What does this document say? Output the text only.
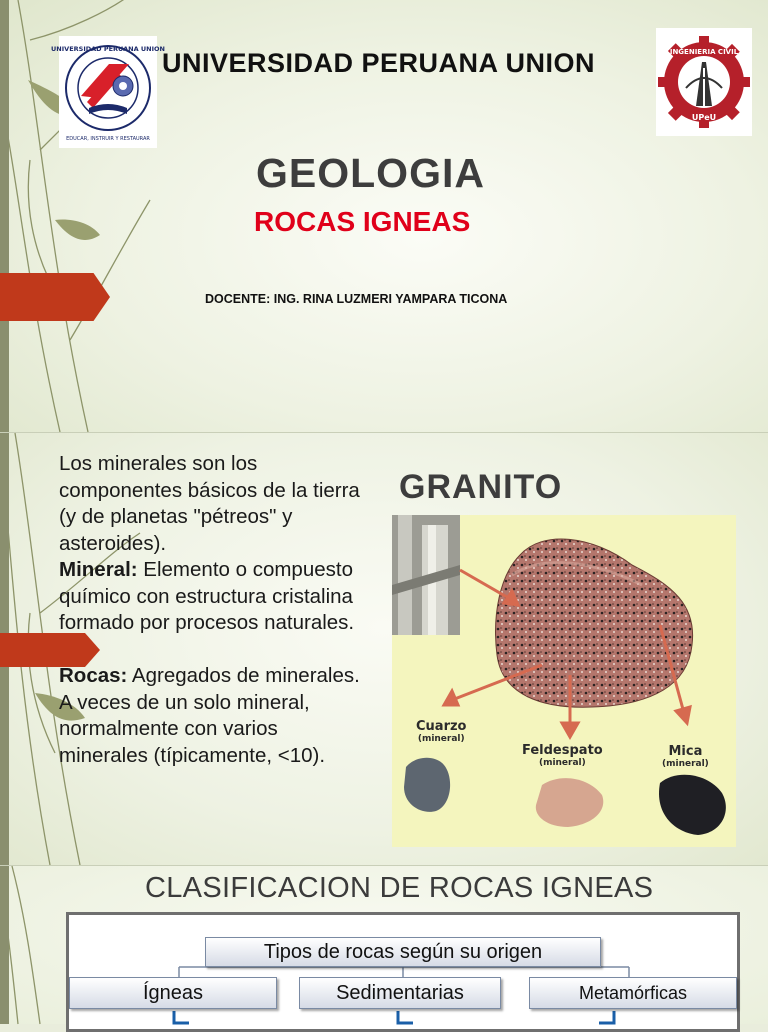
EDUCAR, INSTRUIR Y RESTAURAR
UNIVERSIDAD PERUANA UNION
UNIVERSIDAD PERUANA UNION	INGENIERIA CIVIL
UPeU
GEOLOGIA
ROCAS IGNEAS
DOCENTE: ING. RINA LUZMERI YAMPARA TICONA

Los minerales son los componentes básicos de la tierra (y de planetas "pétreos" y asteroides).
Mineral: Elemento o compuesto químico con estructura cristalina formado por procesos naturales.

Rocas: Agregados de minerales. A veces de un solo mineral, normalmente con varios minerales (típicamente, <10).

GRANITO
Cuarzo
(mineral)
Feldespato
(mineral)
Mica
(mineral)
CLASIFICACION DE ROCAS IGNEAS
Tipos de rocas según su origen
Ígneas	Sedimentarias	Metamórficas
